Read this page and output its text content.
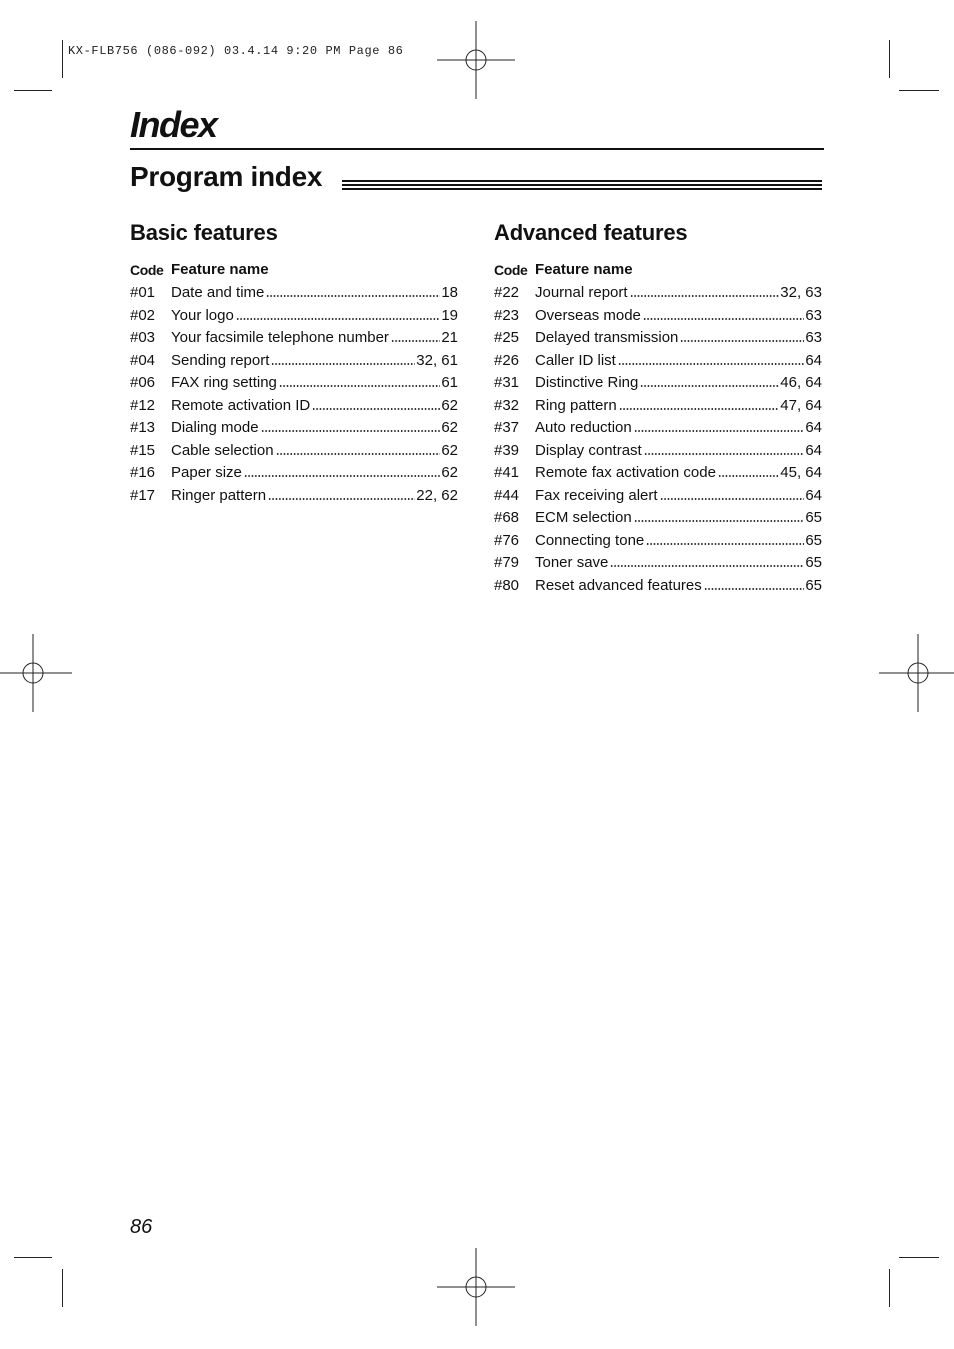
KX-FLB756 (086-092) 03.4.14 9:20 PM Page 86
Index
Program index
Basic features
Code Feature name
#01	Date and time	18
#02	Your logo	19
#03	Your facsimile telephone number	21
#04	Sending report	32, 61
#06	FAX ring setting	61
#12	Remote activation ID	62
#13	Dialing mode	62
#15	Cable selection	62
#16	Paper size	62
#17	Ringer pattern	22, 62
Advanced features
Code Feature name
#22	Journal report	32, 63
#23	Overseas mode	63
#25	Delayed transmission	63
#26	Caller ID list	64
#31	Distinctive Ring	46, 64
#32	Ring pattern	47, 64
#37	Auto reduction	64
#39	Display contrast	64
#41	Remote fax activation code	45, 64
#44	Fax receiving alert	64
#68	ECM selection	65
#76	Connecting tone	65
#79	Toner save	65
#80	Reset advanced features	65
86
